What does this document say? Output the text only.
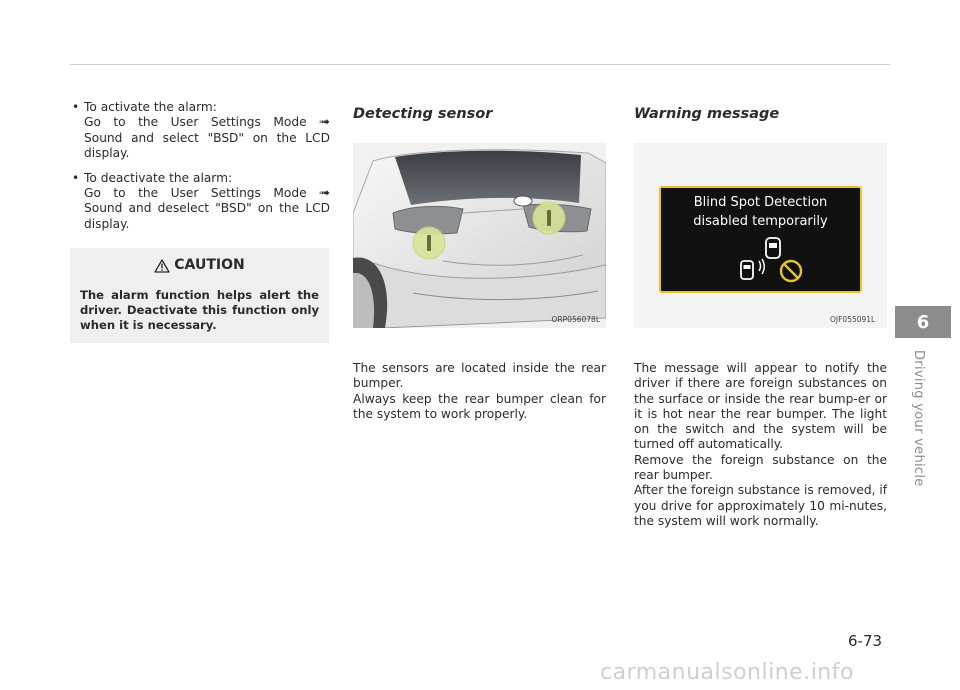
• To activate the alarm:
Go to the User Settings Mode ➟
Sound and select "BSD" on the LCD
display.
• To deactivate the alarm:
Go to the User Settings Mode ➟
Sound and deselect "BSD" on the LCD
display.
CAUTION
The alarm function helps alert the driver. Deactivate this function only when it is necessary.
Detecting sensor
ORP056078L
The sensors are located inside the rear bumper.
Always keep the rear bumper clean for the system to work properly.
Warning message
Blind Spot Detection
disabled temporarily
OJF055091L
The message will appear to notify the driver if there are foreign substances on the surface or inside the rear bump-er or it is hot near the rear bumper. The light on the switch and the system will be turned off automatically.
Remove the foreign substance on the rear bumper.
After the foreign substance is removed, if you drive for approximately 10 mi-nutes, the system will work normally.
6
Driving your vehicle
6-73
carmanualsonline.info
